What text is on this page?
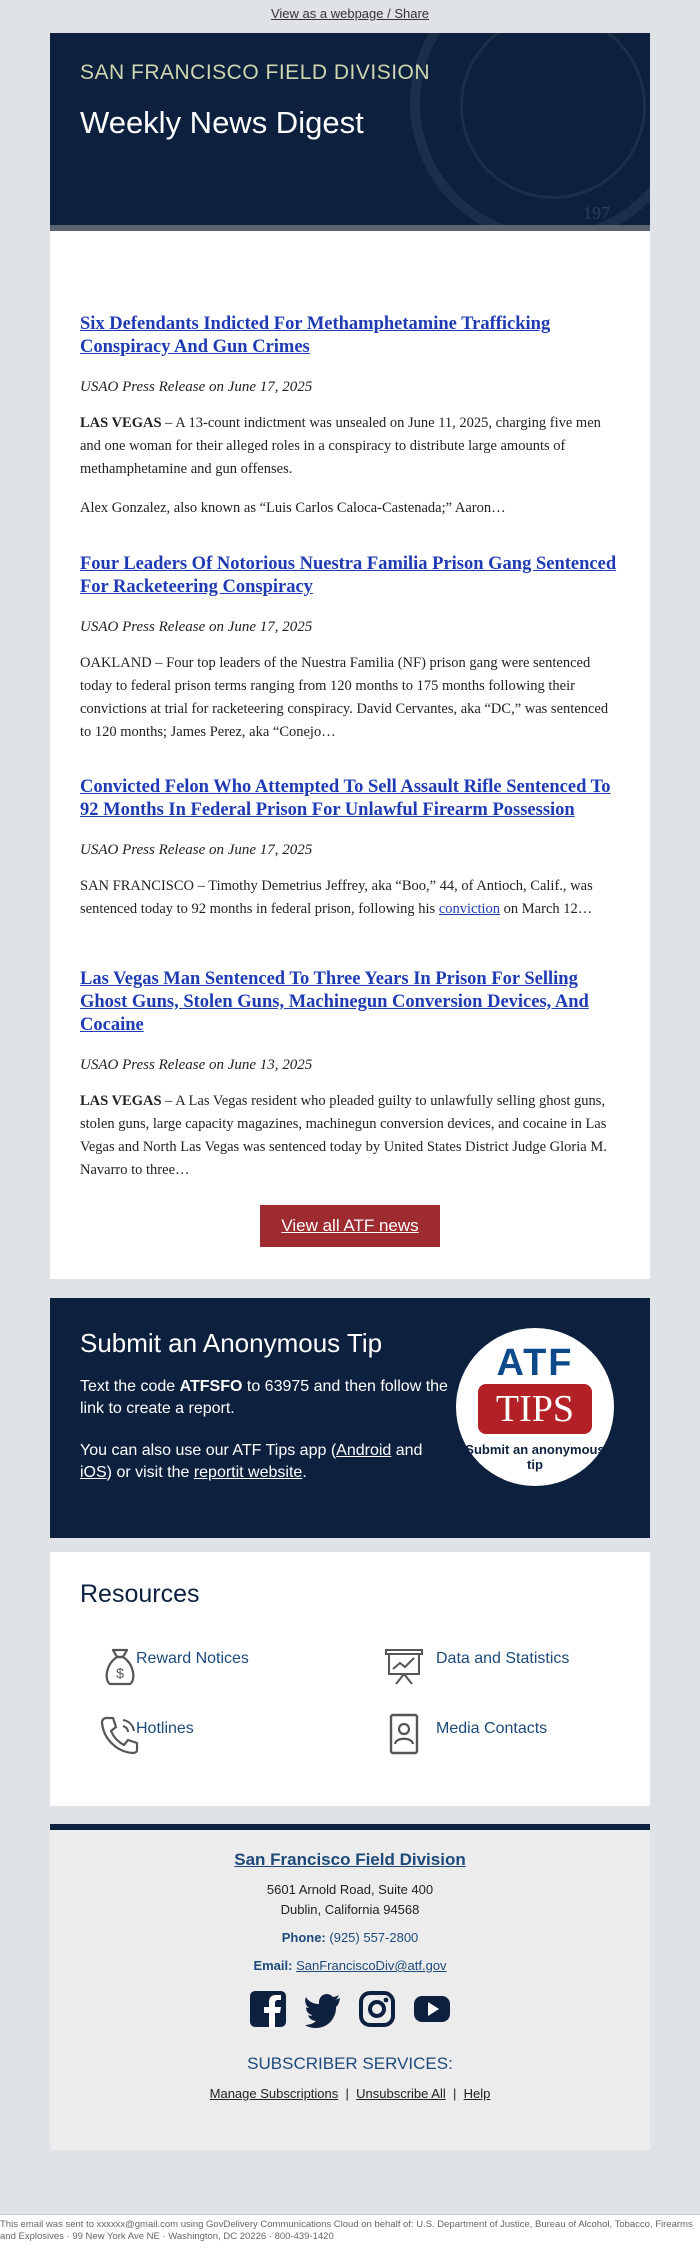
View as a webpage / Share
197
SAN FRANCISCO FIELD DIVISION
Weekly News Digest
Six Defendants Indicted For Methamphetamine Trafficking Conspiracy And Gun Crimes
USAO Press Release on June 17, 2025

LAS VEGAS – A 13-count indictment was unsealed on June 11, 2025, charging five men and one woman for their alleged roles in a conspiracy to distribute large amounts of methamphetamine and gun offenses.

Alex Gonzalez, also known as “Luis Carlos Caloca-Castenada;” Aaron…

Four Leaders Of Notorious Nuestra Familia Prison Gang Sentenced For Racketeering Conspiracy
USAO Press Release on June 17, 2025

OAKLAND – Four top leaders of the Nuestra Familia (NF) prison gang were sentenced today to federal prison terms ranging from 120 months to 175 months following their convictions at trial for racketeering conspiracy. David Cervantes, aka “DC,” was sentenced to 120 months; James Perez, aka “Conejo…

Convicted Felon Who Attempted To Sell Assault Rifle Sentenced To 92 Months In Federal Prison For Unlawful Firearm Possession
USAO Press Release on June 17, 2025

SAN FRANCISCO – Timothy Demetrius Jeffrey, aka “Boo,” 44, of Antioch, Calif., was sentenced today to 92 months in federal prison, following his conviction on March 12…

Las Vegas Man Sentenced To Three Years In Prison For Selling Ghost Guns, Stolen Guns, Machinegun Conversion Devices, And Cocaine
USAO Press Release on June 13, 2025

LAS VEGAS – A Las Vegas resident who pleaded guilty to unlawfully selling ghost guns, stolen guns, large capacity magazines, machinegun conversion devices, and cocaine in Las Vegas and North Las Vegas was sentenced today by United States District Judge Gloria M. Navarro to three…

View all ATF news
Submit an Anonymous Tip

Text the code ATFSFO to 63975 and then follow the link to create a report.

You can also use our ATF Tips app (Android and iOS) or visit the reportit website.

ATF
TIPS
Submit an anonymous tip
Resources
$
Reward Notices	Data and Statistics
Hotlines	Media Contacts
San Francisco Field Division
5601 Arnold Road, Suite 400
Dublin, California 94568
Phone: (925) 557-2800
Email: SanFranciscoDiv@atf.gov

SUBSCRIBER SERVICES:
Manage Subscriptions | Unsubscribe All | Help
This email was sent to xxxxxx@gmail.com using GovDelivery Communications Cloud on behalf of: U.S. Department of Justice, Bureau of Alcohol, Tobacco, Firearms and Explosives · 99 New York Ave NE · Washington, DC 20226 · 800-439-1420
